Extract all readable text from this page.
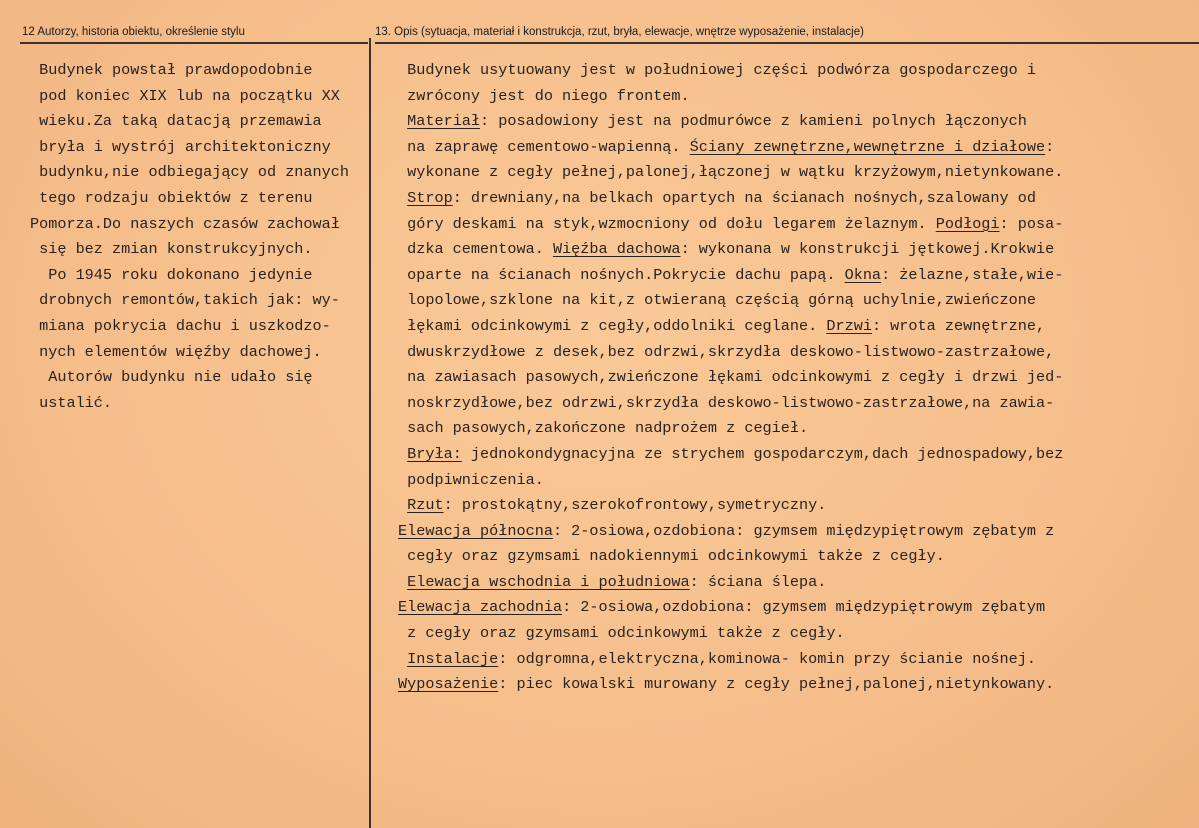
12 Autorzy, historia obiektu, określenie stylu	13. Opis (sytuacja, materiał i konstrukcja, rzut, bryła, elewacje, wnętrze wyposażenie, instalacje)
Budynek powstał prawdopodobnie
pod koniec XIX lub na początku XX
wieku.Za taką datacją przemawia
bryła i wystrój architektoniczny
budynku,nie odbiegający od znanych
tego rodzaju obiektów z terenu
Pomorza.Do naszych czasów zachował
się bez zmian konstrukcyjnych.
Po 1945 roku dokonano jedynie
drobnych remontów,takich jak: wy-
miana pokrycia dachu i uszkodzo-
nych elementów więźby dachowej.
Autorów budynku nie udało się
ustalić.
Budynek usytuowany jest w południowej części podwórza gospodarczego i
zwrócony jest do niego frontem.
Materiał: posadowiony jest na podmurówce z kamieni polnych łączonych
na zaprawę cementowo-wapienną. Ściany zewnętrzne,wewnętrzne i działowe:
wykonane z cegły pełnej,palonej,łączonej w wątku krzyżowym,nietynkowane.
Strop: drewniany,na belkach opartych na ścianach nośnych,szalowany od
góry deskami na styk,wzmocniony od dołu legarem żelaznym. Podłogi: posa-
dzka cementowa. Więźba dachowa: wykonana w konstrukcji jętkowej.Krokwie
oparte na ścianach nośnych.Pokrycie dachu papą. Okna: żelazne,stałe,wie-
lopolowe,szklone na kit,z otwieraną częścią górną uchylnie,zwieńczone
łękami odcinkowymi z cegły,oddolniki ceglane. Drzwi: wrota zewnętrzne,
dwuskrzydłowe z desek,bez odrzwi,skrzydła deskowo-listwowo-zastrzałowe,
na zawiasach pasowych,zwieńczone łękami odcinkowymi z cegły i drzwi jed-
noskrzydłowe,bez odrzwi,skrzydła deskowo-listwowo-zastrzałowe,na zawia-
sach pasowych,zakończone nadprożem z cegieł.
Bryła: jednokondygnacyjna ze strychem gospodarczym,dach jednospadowy,bez
podpiwniczenia.
Rzut: prostokątny,szerokofrontowy,symetryczny.
Elewacja północna: 2-osiowa,ozdobiona: gzymsem międzypiętrowym zębatym z
cegły oraz gzymsami nadokiennymi odcinkowymi także z cegły.
Elewacja wschodnia i południowa: ściana ślepa.
Elewacja zachodnia: 2-osiowa,ozdobiona: gzymsem międzypiętrowym zębatym
z cegły oraz gzymsami odcinkowymi także z cegły.
Instalacje: odgromna,elektryczna,kominowa- komin przy ścianie nośnej.
Wyposażenie: piec kowalski murowany z cegły pełnej,palonej,nietynkowany.
